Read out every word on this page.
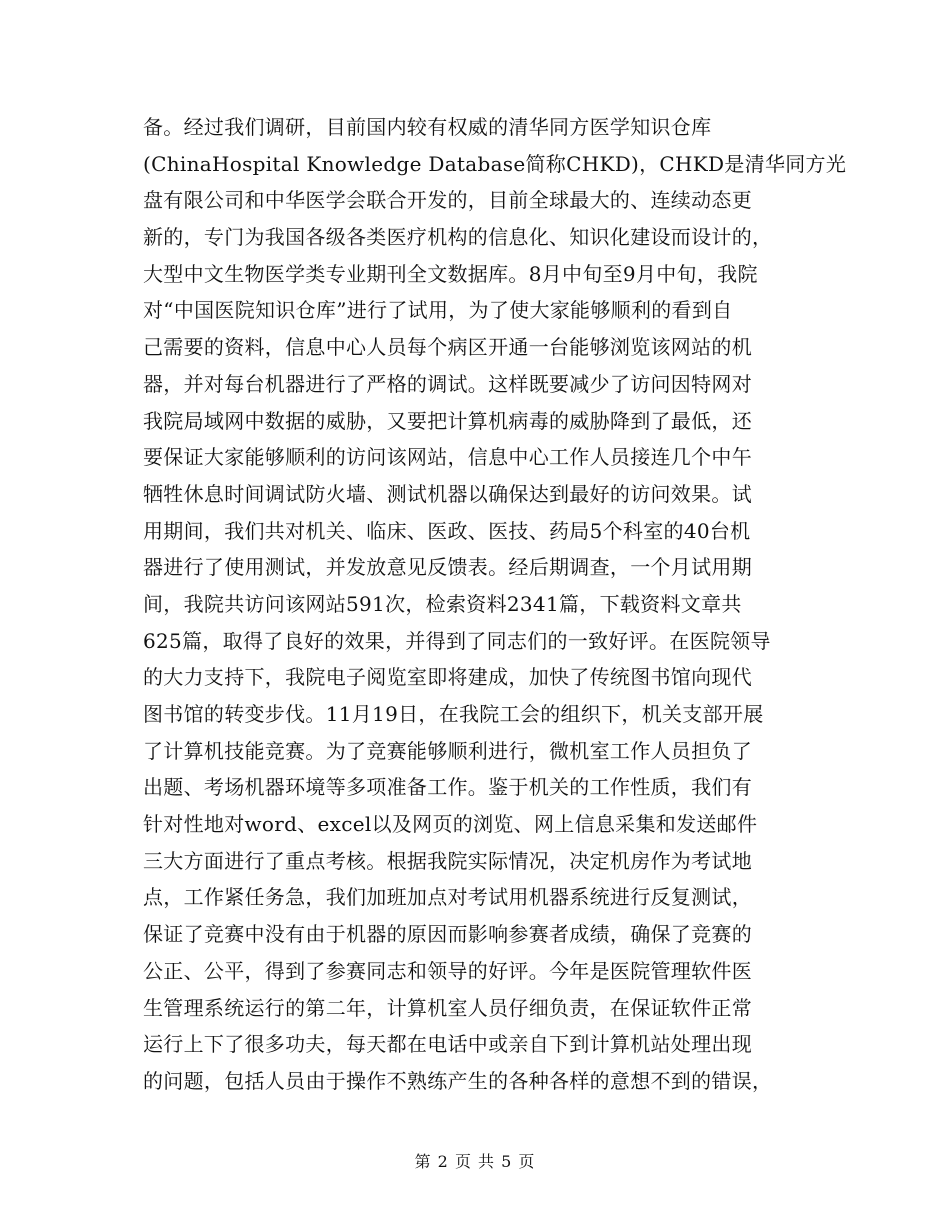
备。经过我们调研，目前国内较有权威的清华同方医学知识仓库
(ChinaHospital Knowledge Database简称CHKD)，CHKD是清华同方光
盘有限公司和中华医学会联合开发的，目前全球最大的、连续动态更
新的，专门为我国各级各类医疗机构的信息化、知识化建设而设计的，
大型中文生物医学类专业期刊全文数据库。8月中旬至9月中旬，我院
对“中国医院知识仓库”进行了试用，为了使大家能够顺利的看到自
己需要的资料，信息中心人员每个病区开通一台能够浏览该网站的机
器，并对每台机器进行了严格的调试。这样既要减少了访问因特网对
我院局域网中数据的威胁，又要把计算机病毒的威胁降到了最低，还
要保证大家能够顺利的访问该网站，信息中心工作人员接连几个中午
牺牲休息时间调试防火墙、测试机器以确保达到最好的访问效果。试
用期间，我们共对机关、临床、医政、医技、药局5个科室的40台机
器进行了使用测试，并发放意见反馈表。经后期调查，一个月试用期
间，我院共访问该网站591次，检索资料2341篇，下载资料文章共
625篇，取得了良好的效果，并得到了同志们的一致好评。在医院领导
的大力支持下，我院电子阅览室即将建成，加快了传统图书馆向现代
图书馆的转变步伐。11月19日，在我院工会的组织下，机关支部开展
了计算机技能竞赛。为了竞赛能够顺利进行，微机室工作人员担负了
出题、考场机器环境等多项准备工作。鉴于机关的工作性质，我们有
针对性地对word、excel以及网页的浏览、网上信息采集和发送邮件
三大方面进行了重点考核。根据我院实际情况，决定机房作为考试地
点，工作紧任务急，我们加班加点对考试用机器系统进行反复测试，
保证了竞赛中没有由于机器的原因而影响参赛者成绩，确保了竞赛的
公正、公平，得到了参赛同志和领导的好评。今年是医院管理软件医
生管理系统运行的第二年，计算机室人员仔细负责，在保证软件正常
运行上下了很多功夫，每天都在电话中或亲自下到计算机站处理出现
的问题，包括人员由于操作不熟练产生的各种各样的意想不到的错误，
第 2 页 共 5 页
